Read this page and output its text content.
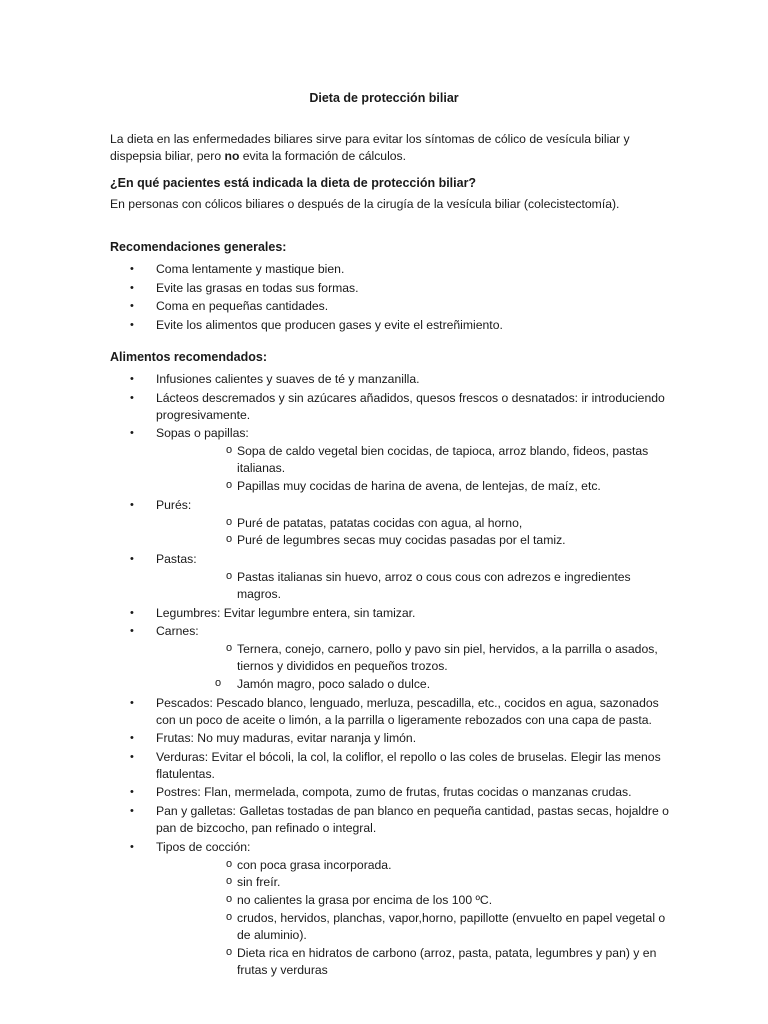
Dieta de protección biliar

La dieta en las enfermedades biliares sirve para evitar los síntomas de cólico de vesícula biliar y dispepsia biliar, pero no evita la formación de cálculos.

¿En qué pacientes está indicada la dieta de protección biliar?

En personas con cólicos biliares o después de la cirugía de la vesícula biliar (colecistectomía).

Recomendaciones generales:
• Coma lentamente y mastique bien.
• Evite las grasas en todas sus formas.
• Coma en pequeñas cantidades.
• Evite los alimentos que producen gases y evite el estreñimiento.
Alimentos recomendados:
• Infusiones calientes y suaves de té y manzanilla.
• Lácteos descremados y sin azúcares añadidos, quesos frescos o desnatados: ir introduciendo progresivamente.
• Sopas o papillas:
o Sopa de caldo vegetal bien cocidas, de tapioca, arroz blando, fideos, pastas italianas.
o Papillas muy cocidas de harina de avena, de lentejas, de maíz, etc.
• Purés:
o Puré de patatas, patatas cocidas con agua, al horno,
o Puré de legumbres secas muy cocidas pasadas por el tamiz.
• Pastas:
o Pastas italianas sin huevo, arroz o cous cous con adrezos e ingredientes magros.
• Legumbres: Evitar legumbre entera, sin tamizar.
• Carnes:
o Ternera, conejo, carnero, pollo y pavo sin piel, hervidos, a la parrilla o asados, tiernos y divididos en pequeños trozos.
o Jamón magro, poco salado o dulce.
• Pescados: Pescado blanco, lenguado, merluza, pescadilla, etc., cocidos en agua, sazonados con un poco de aceite o limón, a la parrilla o ligeramente rebozados con una capa de pasta.
• Frutas: No muy maduras, evitar naranja y limón.
• Verduras: Evitar el bócoli, la col, la coliflor, el repollo o las coles de bruselas. Elegir las menos flatulentas.
• Postres: Flan, mermelada, compota, zumo de frutas, frutas cocidas o manzanas crudas.
• Pan y galletas: Galletas tostadas de pan blanco en pequeña cantidad, pastas secas, hojaldre o pan de bizcocho, pan refinado o integral.
• Tipos de cocción:
o con poca grasa incorporada.
o sin freír.
o no calientes la grasa por encima de los 100 ºC.
o crudos, hervidos, planchas, vapor,horno, papillotte (envuelto en papel vegetal o de aluminio).
o Dieta rica en hidratos de carbono (arroz, pasta, patata, legumbres y pan) y en frutas y verduras
